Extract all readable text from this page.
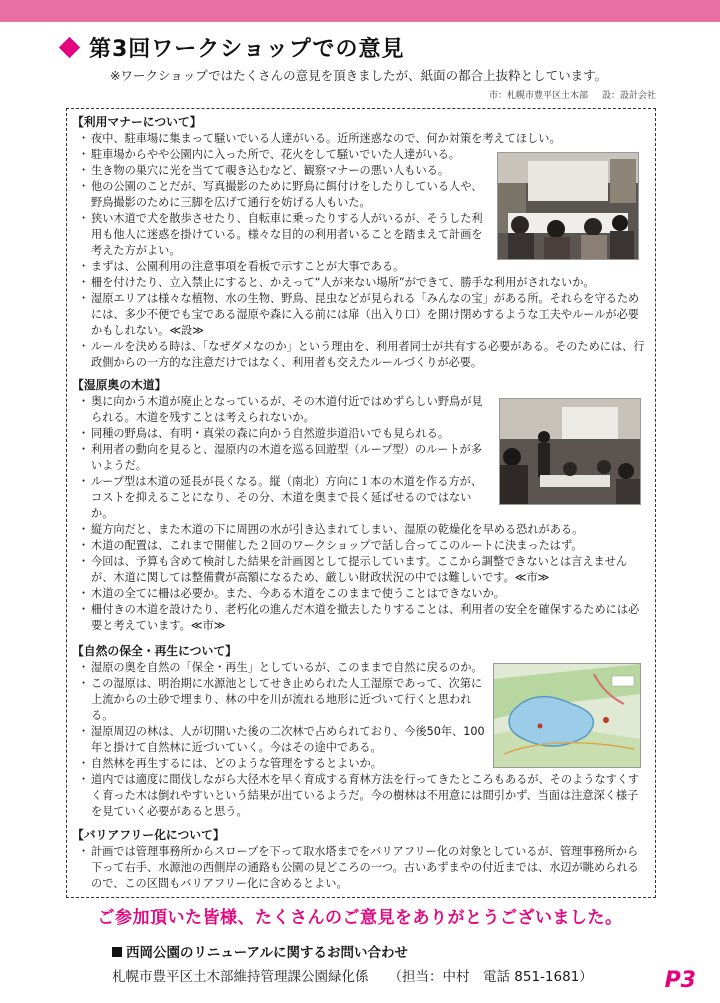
第3回ワークショップでの意見
※ワークショップではたくさんの意見を頂きましたが、紙面の都合上抜粋としています。
市：札幌市豊平区土木部 設：設計会社
【利用マナーについて】
・ 夜中、駐車場に集まって騒いでいる人達がいる。近所迷惑なので、何か対策を考えてほしい。
・ 駐車場からやや公園内に入った所で、花火をして騒いでいた人達がいる。
・ 生き物の巣穴に光を当てて覗き込むなど、観察マナーの悪い人もいる。
・ 他の公園のことだが、写真撮影のために野鳥に餌付けをしたりしている人や、野鳥撮影のために三脚を広げて通行を妨げる人もいた。
・ 狭い木道で犬を散歩させたり、自転車に乗ったりする人がいるが、そうした利用も他人に迷惑を掛けている。様々な目的の利用者いることを踏まえて計画を考えた方がよい。
・ まずは、公園利用の注意事項を看板で示すことが大事である。
・ 柵を付けたり、立入禁止にすると、かえって“人が来ない場所”ができて、勝手な利用がされないか。
・ 湿原エリアは様々な植物、水の生物、野鳥、昆虫などが見られる「みんなの宝」がある所。それらを守るためには、多少不便でも宝である湿原や森に入る前には扉（出入り口）を開け閉めするような工夫やルールが必要かもしれない。≪設≫
・ ルールを決める時は、「なぜダメなのか」という理由を、利用者同士が共有する必要がある。そのためには、行政側からの一方的な注意だけではなく、利用者も交えたルールづくりが必要。
【湿原奥の木道】
・ 奥に向かう木道が廃止となっているが、その木道付近ではめずらしい野鳥が見られる。木道を残すことは考えられないか。
・ 同種の野鳥は、有明・真栄の森に向かう自然遊歩道沿いでも見られる。
・ 利用者の動向を見ると、湿原内の木道を巡る回遊型（ループ型）のルートが多いようだ。
・ ループ型は木道の延長が長くなる。縦（南北）方向に１本の木道を作る方が、コストを抑えることになり、その分、木道を奥まで長く延ばせるのではないか。
・ 縦方向だと、また木道の下に周囲の水が引き込まれてしまい、湿原の乾燥化を早める恐れがある。
・ 木道の配置は、これまで開催した２回のワークショップで話し合ってこのルートに決まったはず。
・ 今回は、予算も含めて検討した結果を計画図として提示しています。ここから調整できないとは言えませんが、木道に関しては整備費が高額になるため、厳しい財政状況の中では難しいです。≪市≫
・ 木道の全てに柵は必要か。また、今ある木道をこのままで使うことはできないか。
・ 柵付きの木道を設けたり、老朽化の進んだ木道を撤去したりすることは、利用者の安全を確保するためには必要と考えています。≪市≫
【自然の保全・再生について】
・ 湿原の奥を自然の「保全・再生」としているが、このままで自然に戻るのか。
・ この湿原は、明治期に水源池としてせき止められた人工湿原であって、次第に上流からの土砂で埋まり、林の中を川が流れる地形に近づいて行くと思われる。
・ 湿原周辺の林は、人が切開いた後の二次林で占められており、今後50年、100年と掛けて自然林に近づいていく。今はその途中である。
・ 自然林を再生するには、どのような管理をするとよいか。
・ 道内では適度に間伐しながら大径木を早く育成する育林方法を行ってきたところもあるが、そのようなすくすく育った木は倒れやすいという結果が出ているようだ。今の樹林は不用意には間引かず、当面は注意深く様子を見ていく必要があると思う。
【バリアフリー化について】
・ 計画では管理事務所からスロープを下って取水塔までをバリアフリー化の対象としているが、管理事務所から下って右手、水源池の西側岸の通路も公園の見どころの一つ。古いあずまやの付近までは、水辺が眺められるので、この区間もバリアフリー化に含めるとよい。
ご参加頂いた皆様、たくさんのご意見をありがとうございました。
西岡公園のリニューアルに関するお問い合わせ
札幌市豊平区土木部維持管理課公園緑化係 （担当：中村　電話 851-1681）	P3
